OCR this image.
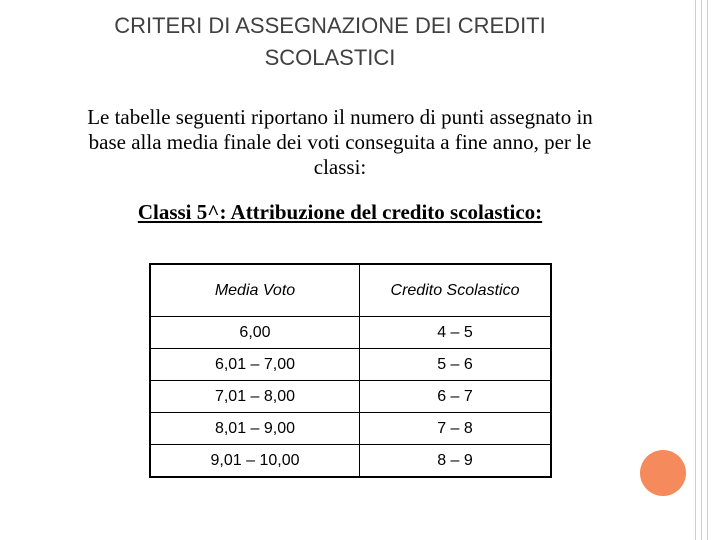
CRITERI DI ASSEGNAZIONE DEI CREDITI
SCOLASTICI
Le tabelle seguenti riportano il numero di punti assegnato in
base alla media finale dei voti conseguita a fine anno, per le
classi:
Classi 5^: Attribuzione del credito scolastico:
Media Voto	Credito Scolastico
6,00	4 – 5
6,01 – 7,00	5 – 6
7,01 – 8,00	6 – 7
8,01 – 9,00	7 – 8
9,01 – 10,00	8 – 9
